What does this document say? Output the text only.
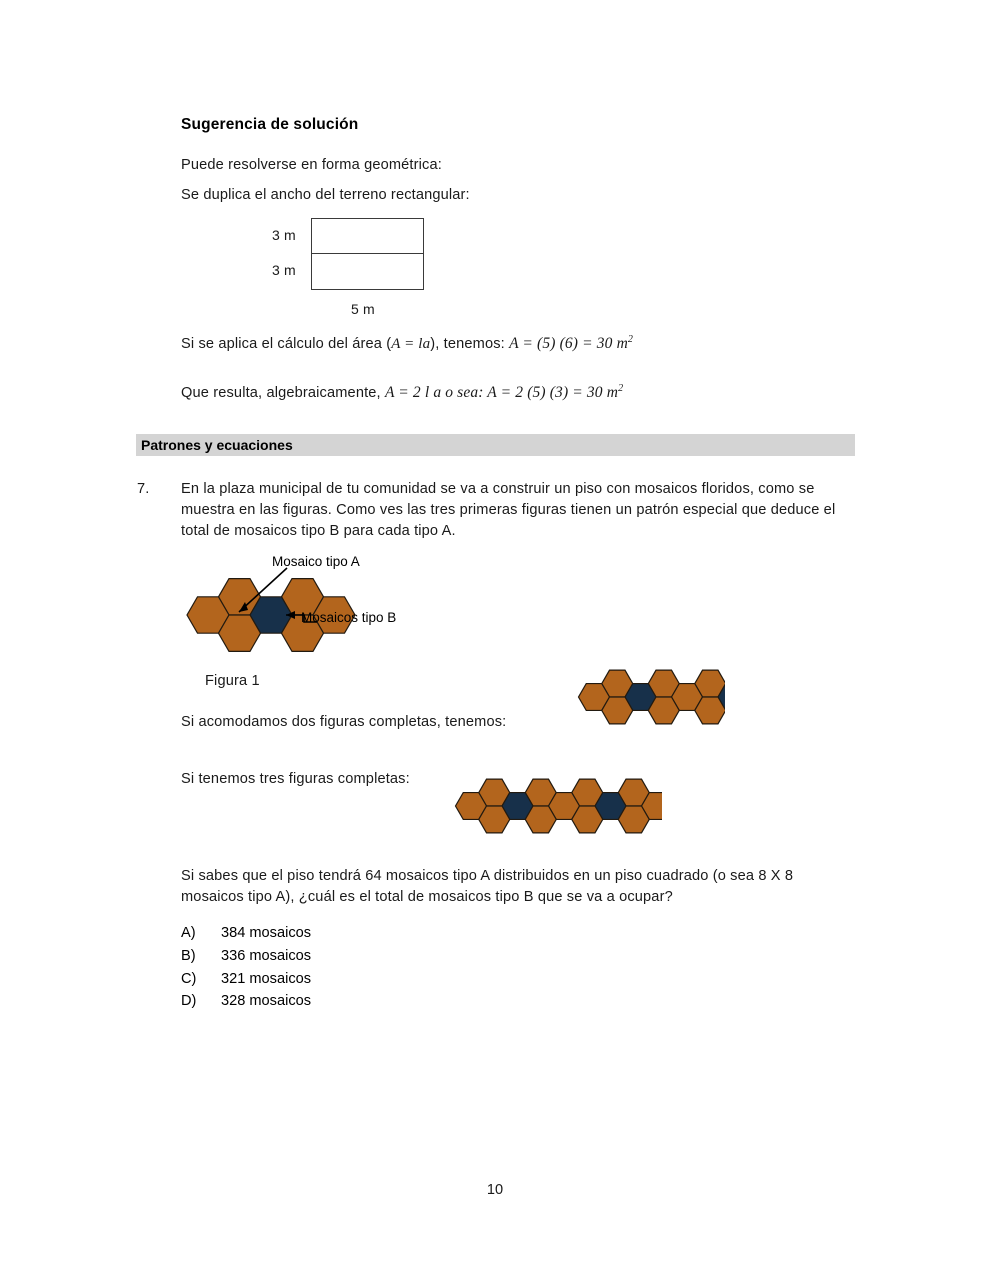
Sugerencia de solución
Puede resolverse en forma geométrica:
Se duplica el ancho del terreno rectangular:
3 m
3 m
5 m
Si se aplica el cálculo del área (A = la), tenemos: A = (5) (6) = 30 $m^2$
Que resulta, algebraicamente, A = 2 l a o sea: A = 2 (5) (3) = 30 $m^2$
Patrones y ecuaciones
7. En la plaza municipal de tu comunidad se va a construir un piso con mosaicos floridos, como se muestra en las figuras. Como ves las tres primeras figuras tienen un patrón especial que deduce el total de mosaicos tipo B para cada tipo A.
Mosaico tipo A
Mosaicos tipo B
Figura 1
Si acomodamos dos figuras completas, tenemos:
Si tenemos tres figuras completas:
Si sabes que el piso tendrá 64 mosaicos tipo A distribuidos en un piso cuadrado (o sea 8 X 8 mosaicos tipo A), ¿cuál es el total de mosaicos tipo B que se va a ocupar?
A)	384 mosaicos
B)	336 mosaicos
C)	321 mosaicos
D)	328 mosaicos
10
